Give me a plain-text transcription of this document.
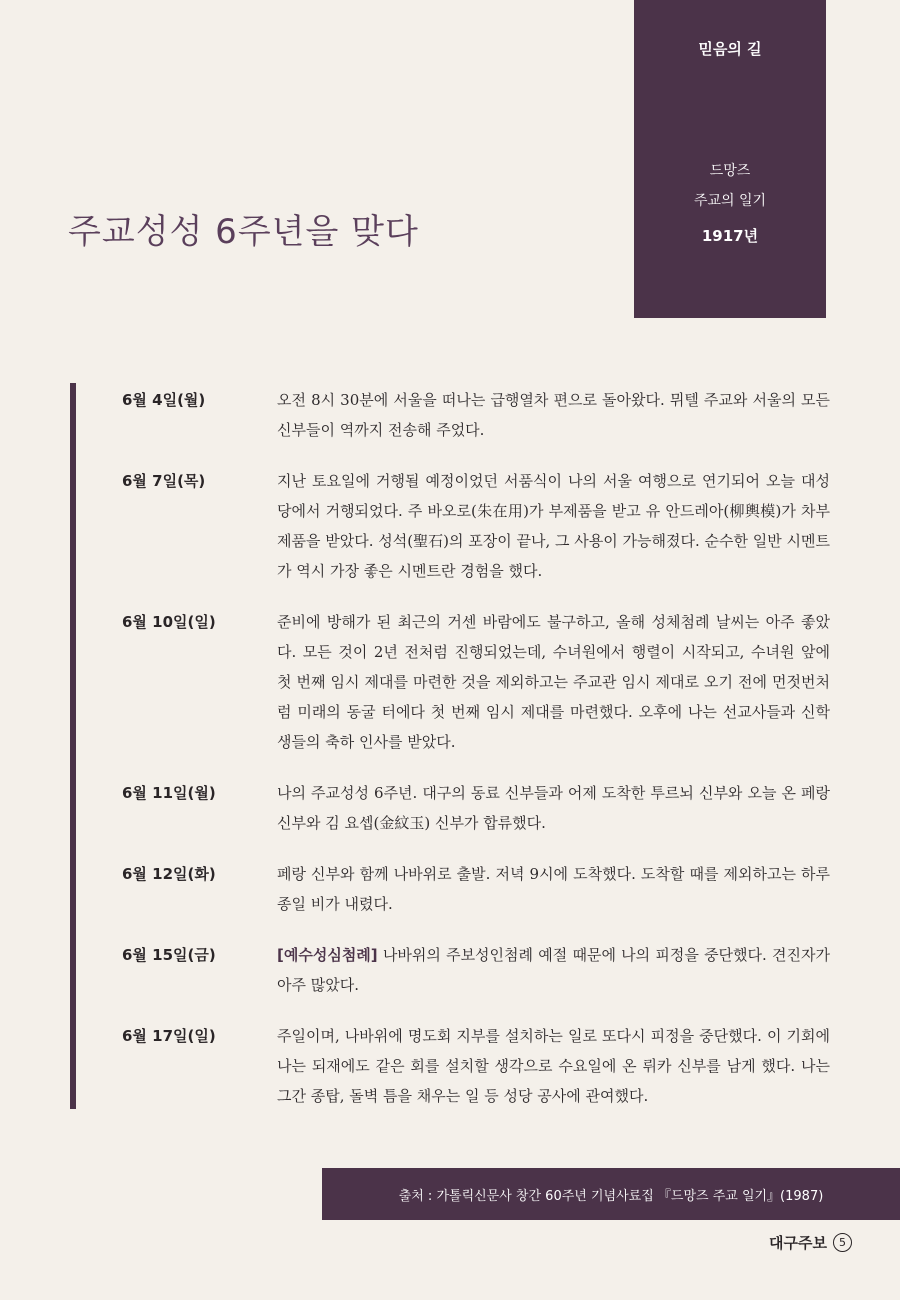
믿음의 길
드망즈
주교의 일기
1917년
주교성성 6주년을 맞다
6월 4일(월)	오전 8시 30분에 서울을 떠나는 급행열차 편으로 돌아왔다. 뮈텔 주교와 서울의 모든 신부들이 역까지 전송해 주었다.
6월 7일(목)	지난 토요일에 거행될 예정이었던 서품식이 나의 서울 여행으로 연기되어 오늘 대성당에서 거행되었다. 주 바오로(朱在用)가 부제품을 받고 유 안드레아(柳輿模)가 차부제품을 받았다. 성석(聖石)의 포장이 끝나, 그 사용이 가능해졌다. 순수한 일반 시멘트가 역시 가장 좋은 시멘트란 경험을 했다.
6월 10일(일)	준비에 방해가 된 최근의 거센 바람에도 불구하고, 올해 성체첨례 날씨는 아주 좋았다. 모든 것이 2년 전처럼 진행되었는데, 수녀원에서 행렬이 시작되고, 수녀원 앞에 첫 번째 임시 제대를 마련한 것을 제외하고는 주교관 임시 제대로 오기 전에 먼젓번처럼 미래의 동굴 터에다 첫 번째 임시 제대를 마련했다. 오후에 나는 선교사들과 신학생들의 축하 인사를 받았다.
6월 11일(월)	나의 주교성성 6주년. 대구의 동료 신부들과 어제 도착한 투르뇌 신부와 오늘 온 페랑 신부와 김 요셉(金紋玉) 신부가 합류했다.
6월 12일(화)	페랑 신부와 함께 나바위로 출발. 저녁 9시에 도착했다. 도착할 때를 제외하고는 하루 종일 비가 내렸다.
6월 15일(금)	[예수성심첨례] 나바위의 주보성인첨례 예절 때문에 나의 피정을 중단했다. 견진자가 아주 많았다.
6월 17일(일)	주일이며, 나바위에 명도회 지부를 설치하는 일로 또다시 피정을 중단했다. 이 기회에 나는 되재에도 같은 회를 설치할 생각으로 수요일에 온 뤼카 신부를 남게 했다. 나는 그간 종탑, 돌벽 틈을 채우는 일 등 성당 공사에 관여했다.
출처 : 가톨릭신문사 창간 60주년 기념사료집 『드망즈 주교 일기』(1987)
대구주보	5
